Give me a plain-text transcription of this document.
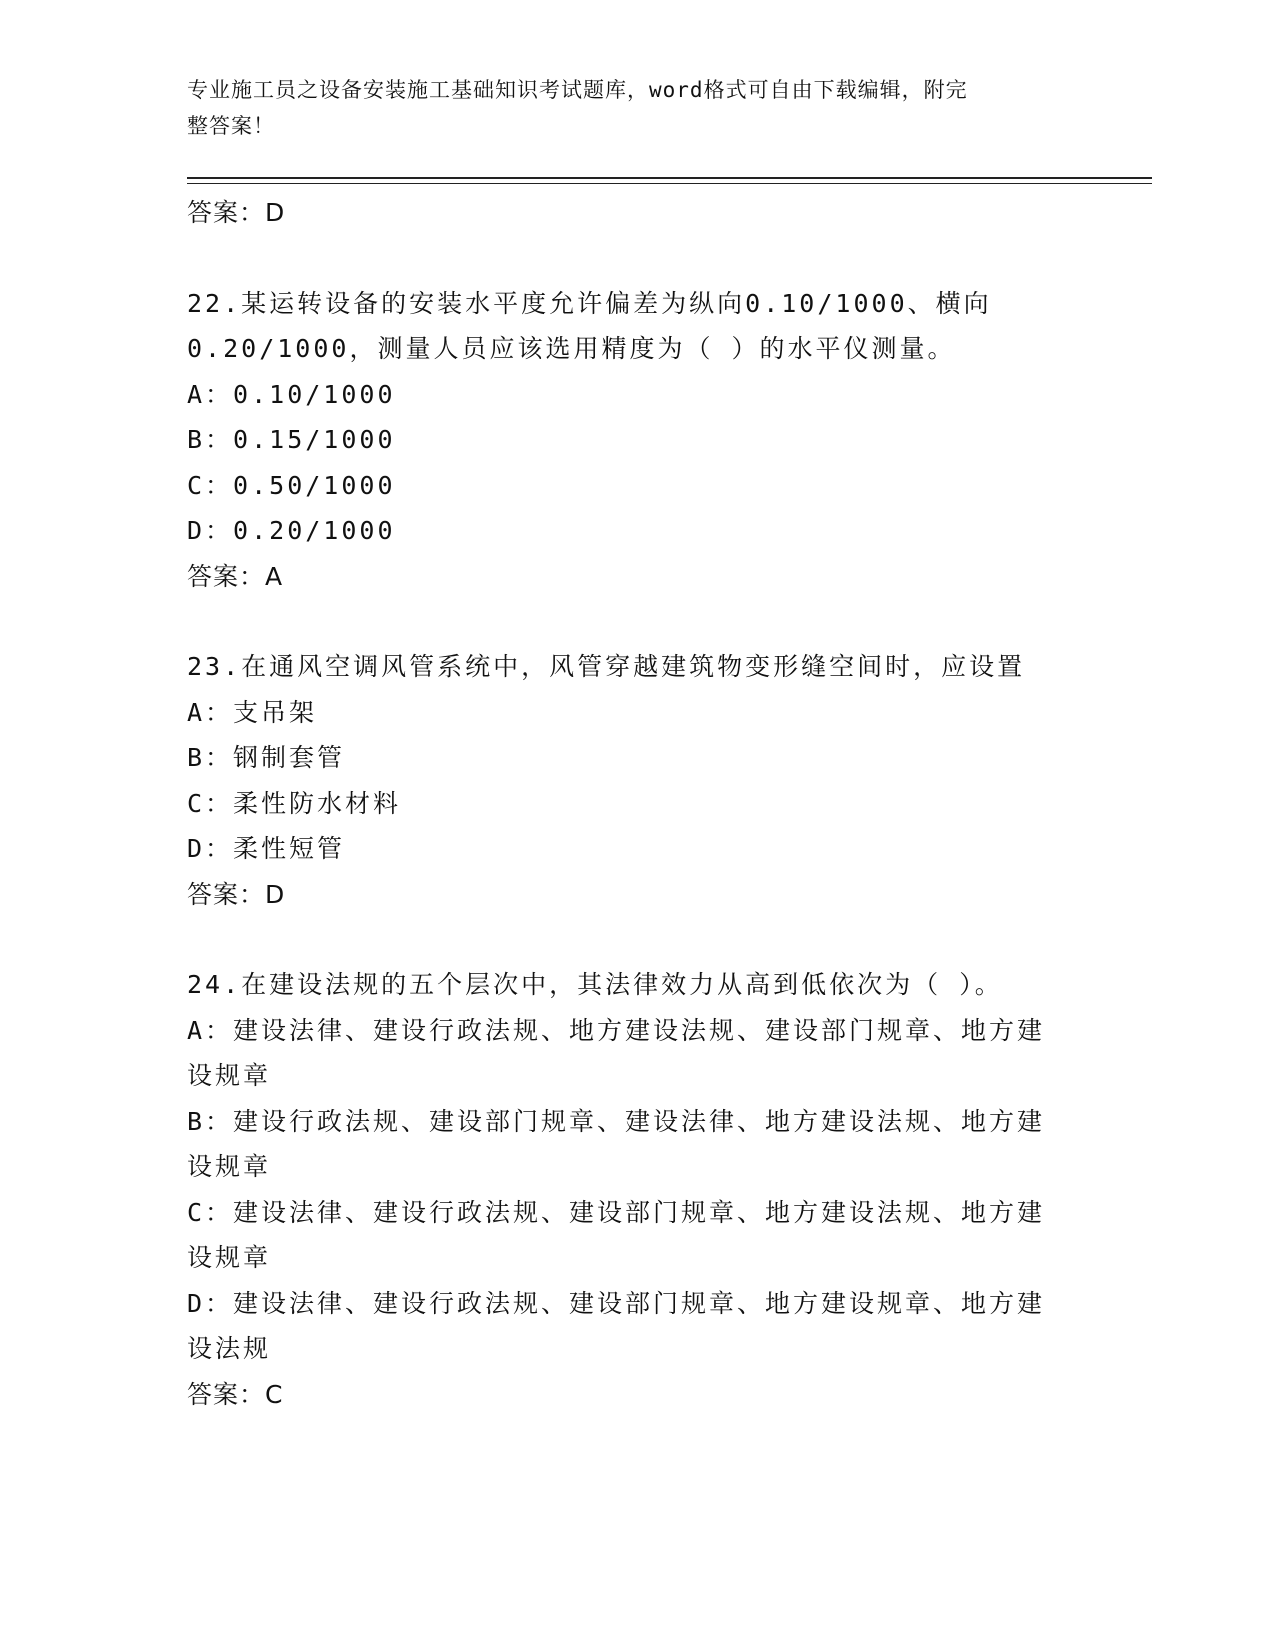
专业施工员之设备安装施工基础知识考试题库，word格式可自由下载编辑，附完
整答案！
答案：D
22.某运转设备的安装水平度允许偏差为纵向0.10/1000、横向
0.20/1000，测量人员应该选用精度为（ ）的水平仪测量。
A：0.10/1000
B：0.15/1000
C：0.50/1000
D：0.20/1000
答案：A
23.在通风空调风管系统中，风管穿越建筑物变形缝空间时，应设置
A：支吊架
B：钢制套管
C：柔性防水材料
D：柔性短管
答案：D
24.在建设法规的五个层次中，其法律效力从高到低依次为（ ）。
A：建设法律、建设行政法规、地方建设法规、建设部门规章、地方建
设规章
B：建设行政法规、建设部门规章、建设法律、地方建设法规、地方建
设规章
C：建设法律、建设行政法规、建设部门规章、地方建设法规、地方建
设规章
D：建设法律、建设行政法规、建设部门规章、地方建设规章、地方建
设法规
答案：C
